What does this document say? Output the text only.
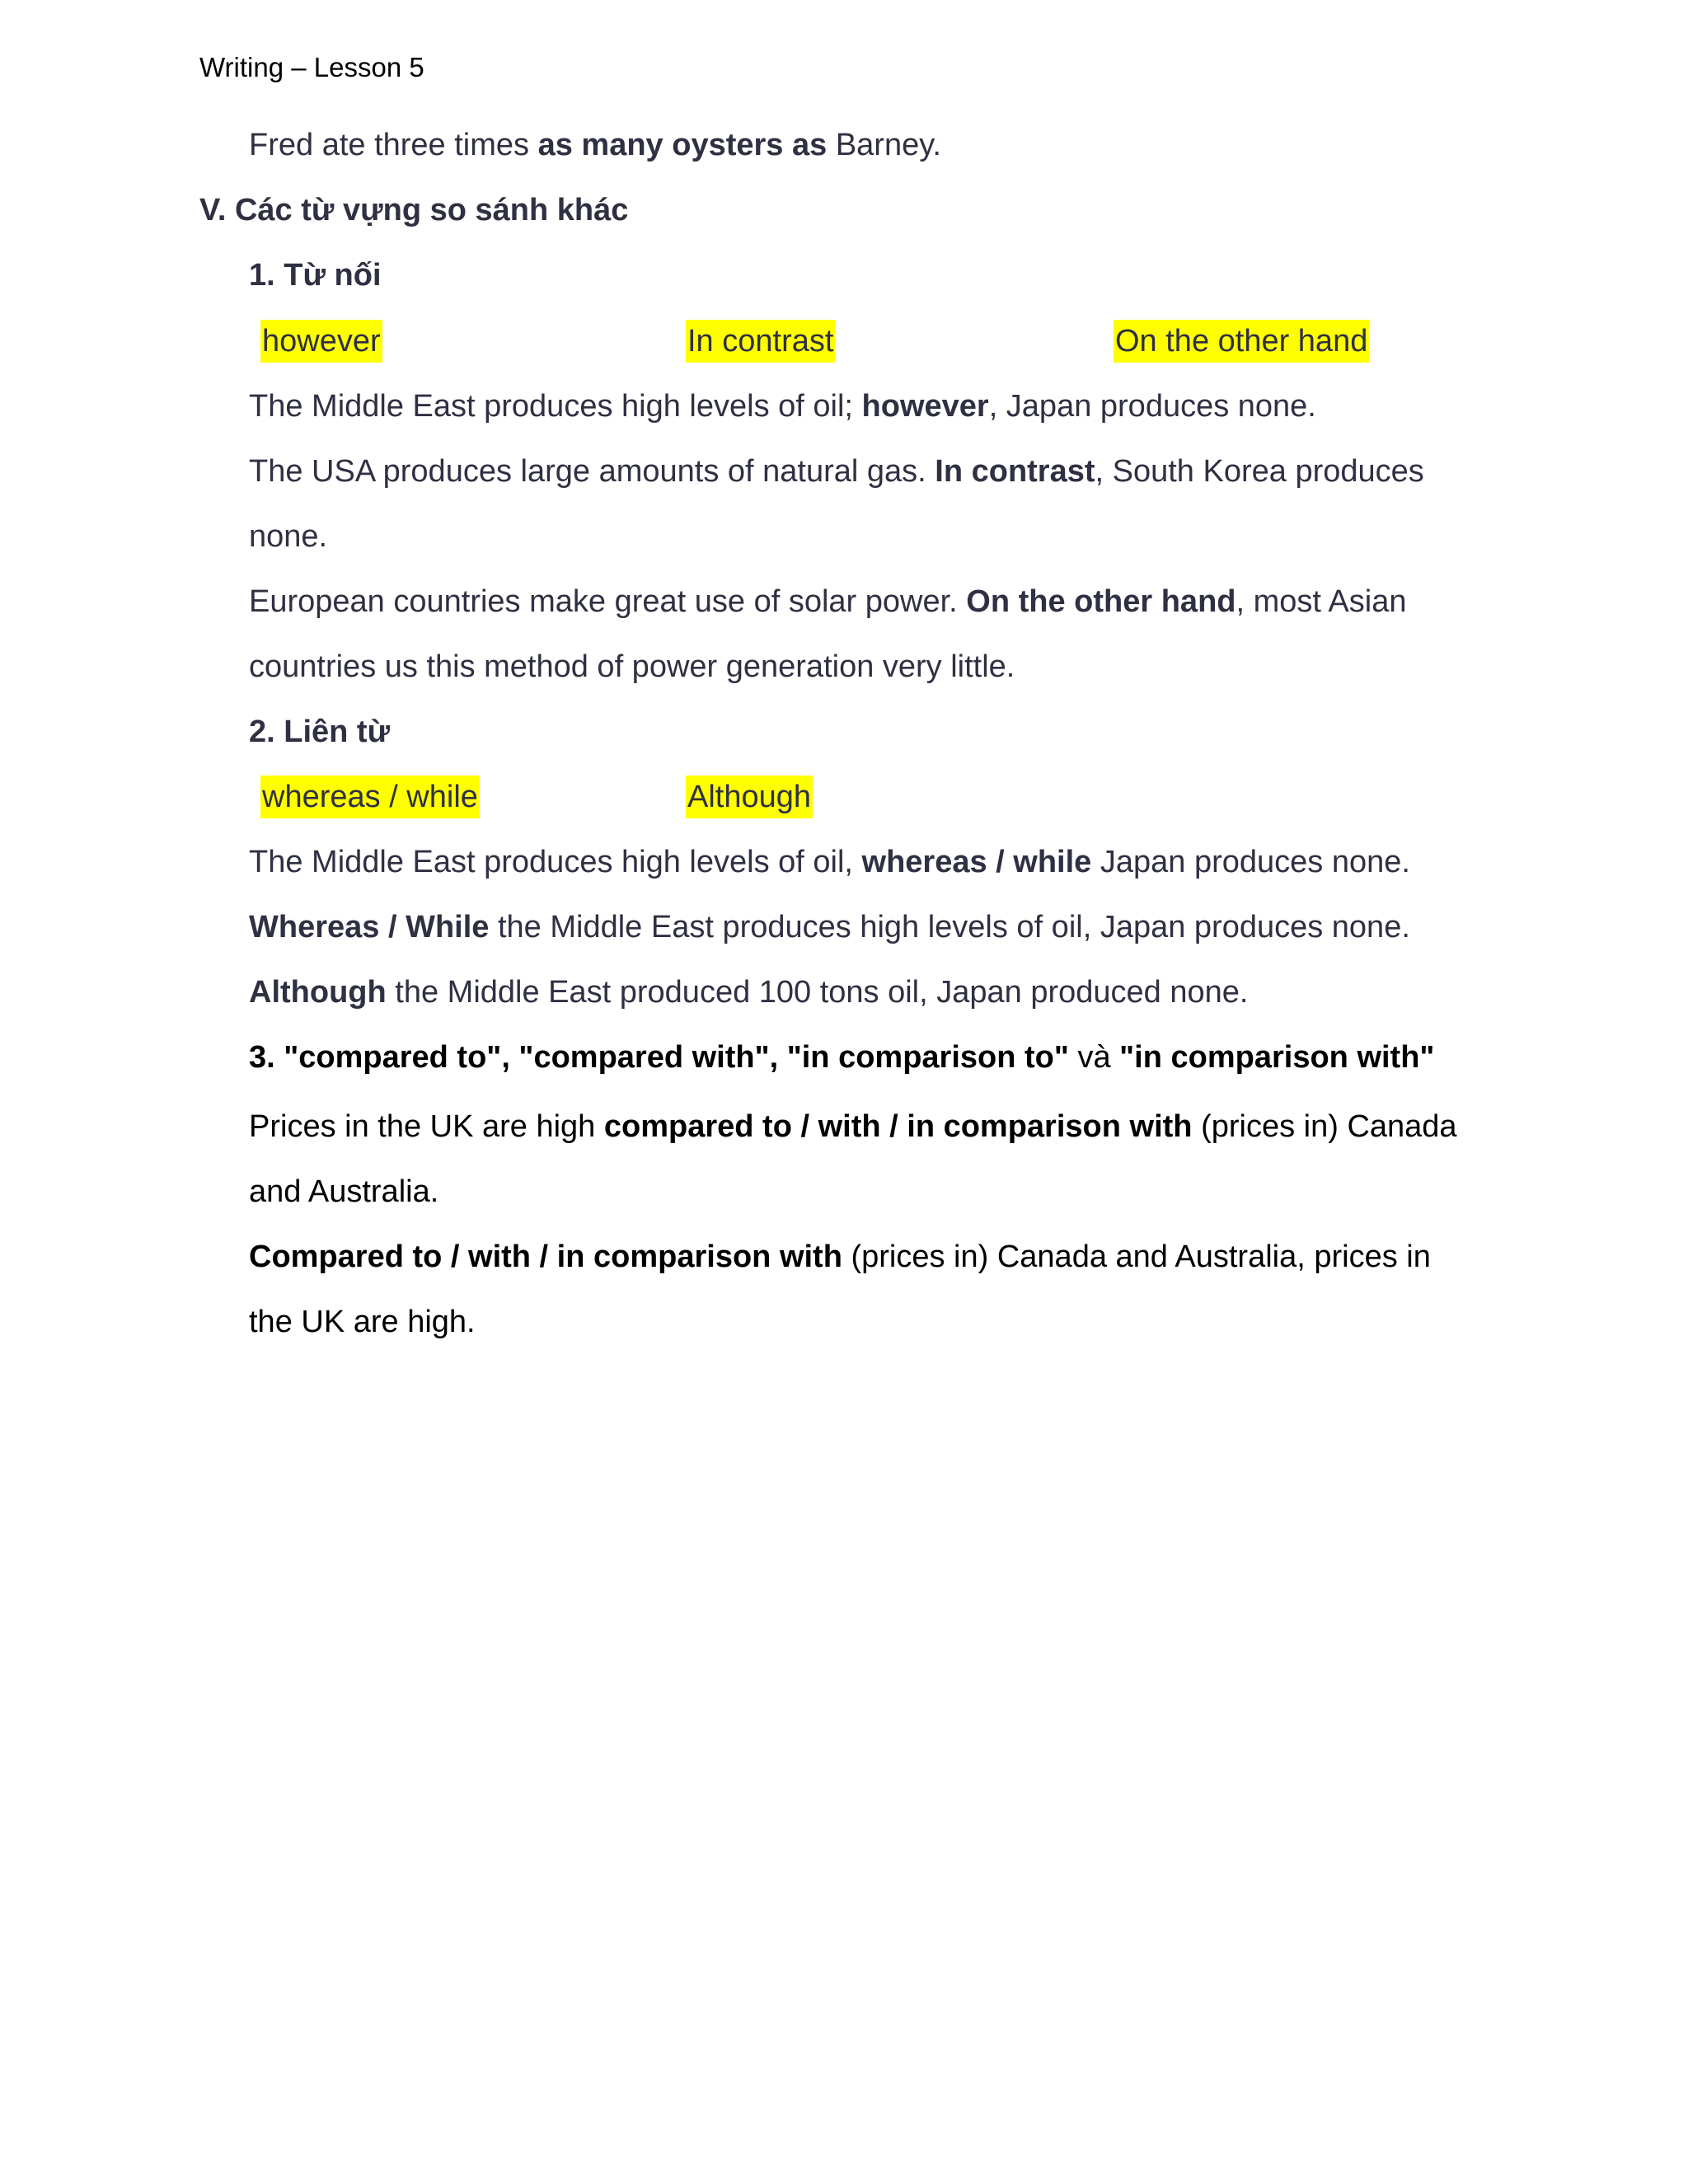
Writing – Lesson 5
Fred ate three times as many oysters as Barney.
V. Các từ vựng so sánh khác
1. Từ nối
however	In contrast	On the other hand
The Middle East produces high levels of oil; however, Japan produces none.
The USA produces large amounts of natural gas. In contrast, South Korea produces
none.
European countries make great use of solar power. On the other hand, most Asian
countries us this method of power generation very little.
2. Liên từ
whereas / while	Although
The Middle East produces high levels of oil, whereas / while Japan produces none.
Whereas / While the Middle East produces high levels of oil, Japan produces none.
Although the Middle East produced 100 tons oil, Japan produced none.
3. "compared to", "compared with", "in comparison to" và "in comparison with"
Prices in the UK are high compared to / with / in comparison with (prices in) Canada
and Australia.
Compared to / with / in comparison with (prices in) Canada and Australia, prices in
the UK are high.
